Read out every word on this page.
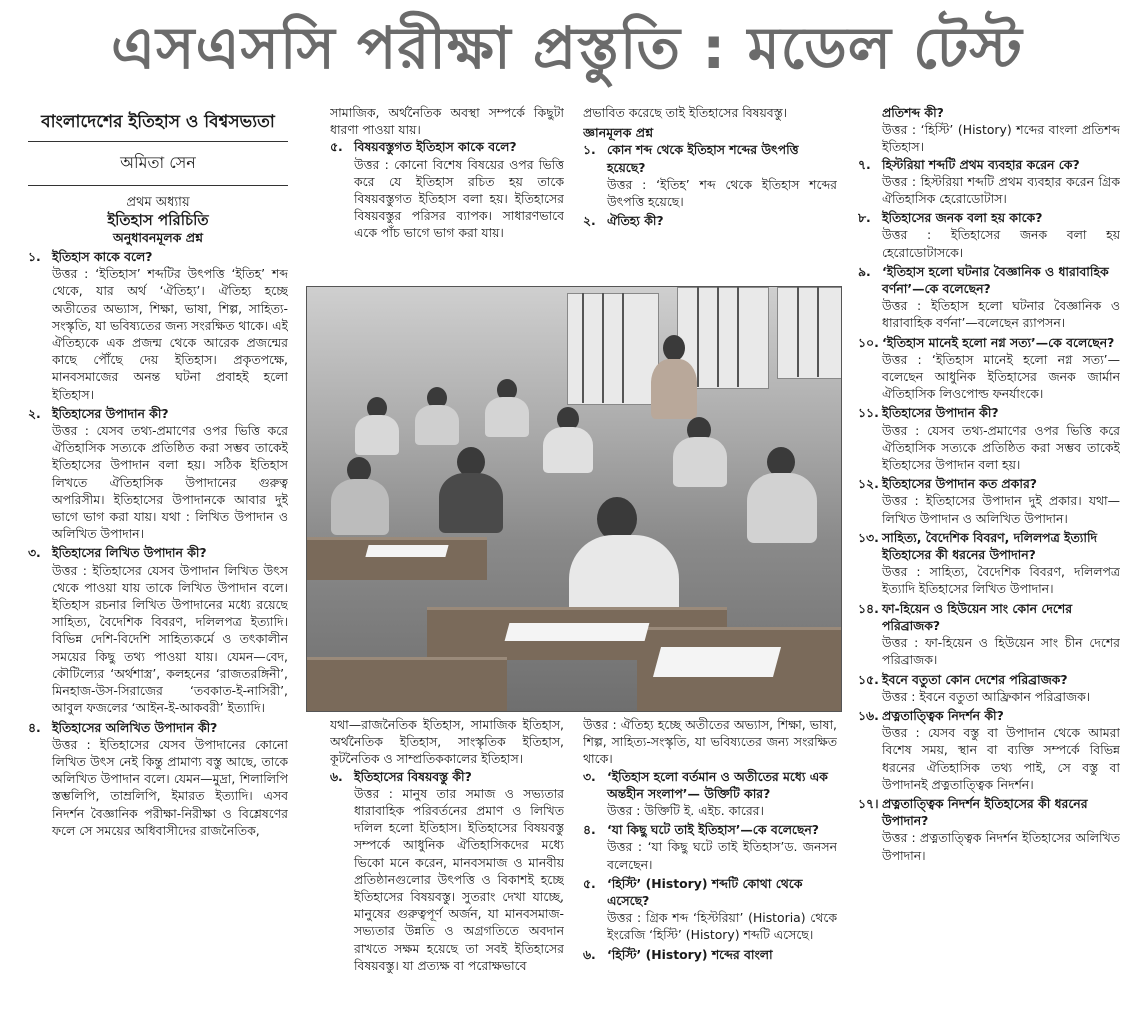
এসএসসি পরীক্ষা প্রস্তুতি : মডেল টেস্ট
বাংলাদেশের ইতিহাস ও বিশ্বসভ্যতা
অমিতা সেন
প্রথম অধ্যায়
ইতিহাস পরিচিতি
অনুধাবনমূলক প্রশ্ন
১. ইতিহাস কাকে বলে?
উত্তর : ‘ইতিহাস’ শব্দটির উৎপত্তি ‘ইতিহ’ শব্দ থেকে, যার অর্থ ‘ঐতিহ্য’। ঐতিহ্য হচ্ছে অতীতের অভ্যাস, শিক্ষা, ভাষা, শিল্প, সাহিত্য-সংস্কৃতি, যা ভবিষ্যতের জন্য সংরক্ষিত থাকে। এই ঐতিহ্যকে এক প্রজন্ম থেকে আরেক প্রজন্মের কাছে পৌঁছে দেয় ইতিহাস। প্রকৃতপক্ষে, মানবসমাজের অনন্ত ঘটনা প্রবাহই হলো ইতিহাস।
২. ইতিহাসের উপাদান কী?
উত্তর : যেসব তথ্য-প্রমাণের ওপর ভিত্তি করে ঐতিহাসিক সত্যকে প্রতিষ্ঠিত করা সম্ভব তাকেই ইতিহাসের উপাদান বলা হয়। সঠিক ইতিহাস লিখতে ঐতিহাসিক উপাদানের গুরুত্ব অপরিসীম। ইতিহাসের উপাদানকে আবার দুই ভাগে ভাগ করা যায়। যথা : লিখিত উপাদান ও অলিখিত উপাদান।
৩. ইতিহাসের লিখিত উপাদান কী?
উত্তর : ইতিহাসের যেসব উপাদান লিখিত উৎস থেকে পাওয়া যায় তাকে লিখিত উপাদান বলে। ইতিহাস রচনার লিখিত উপাদানের মধ্যে রয়েছে সাহিত্য, বৈদেশিক বিবরণ, দলিলপত্র ইত্যাদি। বিভিন্ন দেশি-বিদেশি সাহিত্যকর্মে ও তৎকালীন সময়ের কিছু তথ্য পাওয়া যায়। যেমন—বেদ, কৌটিল্যের ‘অর্থশাস্ত্র’, কলহনের ‘রাজতরঙ্গিনী’, মিনহাজ-উস-সিরাজের ‘তবকাত-ই-নাসিরী’, আবুল ফজলের ‘আইন-ই-আকবরী’ ইত্যাদি।
৪. ইতিহাসের অলিখিত উপাদান কী?
উত্তর : ইতিহাসের যেসব উপাদানের কোনো লিখিত উৎস নেই কিন্তু প্রামাণ্য বস্তু আছে, তাকে অলিখিত উপাদান বলে। যেমন—মুদ্রা, শিলালিপি স্তম্ভলিপি, তাম্রলিপি, ইমারত ইত্যাদি। এসব নিদর্শন বৈজ্ঞানিক পরীক্ষা-নিরীক্ষা ও বিশ্লেষণের ফলে সে সময়ের অধিবাসীদের রাজনৈতিক,
সামাজিক, অর্থনৈতিক অবস্থা সম্পর্কে কিছুটা ধারণা পাওয়া যায়।
৫. বিষয়বস্তুগত ইতিহাস কাকে বলে?
উত্তর : কোনো বিশেষ বিষয়ের ওপর ভিত্তি করে যে ইতিহাস রচিত হয় তাকে বিষয়বস্তুগত ইতিহাস বলা হয়। ইতিহাসের বিষয়বস্তুর পরিসর ব্যাপক। সাধারণভাবে একে পাঁচ ভাগে ভাগ করা যায়।
প্রভাবিত করেছে তাই ইতিহাসের বিষয়বস্তু।
জ্ঞানমূলক প্রশ্ন
১. কোন শব্দ থেকে ইতিহাস শব্দের উৎপত্তি হয়েছে?
উত্তর : ‘ইতিহ’ শব্দ থেকে ইতিহাস শব্দের উৎপত্তি হয়েছে।
২. ঐতিহ্য কী?
যথা—রাজনৈতিক ইতিহাস, সামাজিক ইতিহাস, অর্থনৈতিক ইতিহাস, সাংস্কৃতিক ইতিহাস, কূটনৈতিক ও সাম্প্রতিককালের ইতিহাস।
৬. ইতিহাসের বিষয়বস্তু কী?
উত্তর : মানুষ তার সমাজ ও সভ্যতার ধারাবাহিক পরিবর্তনের প্রমাণ ও লিখিত দলিল হলো ইতিহাস। ইতিহাসের বিষয়বস্তু সম্পর্কে আধুনিক ঐতিহাসিকদের মধ্যে ভিকো মনে করেন, মানবসমাজ ও মানবীয় প্রতিষ্ঠানগুলোর উৎপত্তি ও বিকাশই হচ্ছে ইতিহাসের বিষয়বস্তু। সুতরাং দেখা যাচ্ছে, মানুষের গুরুত্বপূর্ণ অর্জন, যা মানবসমাজ-সভ্যতার উন্নতি ও অগ্রগতিতে অবদান রাখতে সক্ষম হয়েছে তা সবই ইতিহাসের বিষয়বস্তু। যা প্রত্যক্ষ বা পরোক্ষভাবে
উত্তর : ঐতিহ্য হচ্ছে অতীতের অভ্যাস, শিক্ষা, ভাষা, শিল্প, সাহিত্য-সংস্কৃতি, যা ভবিষ্যতের জন্য সংরক্ষিত থাকে।
৩. ‘ইতিহাস হলো বর্তমান ও অতীতের মধ্যে এক অন্তহীন সংলাপ’— উক্তিটি কার?
উত্তর : উক্তিটি ই. এইচ. কারের।
৪. ‘যা কিছু ঘটে তাই ইতিহাস’—কে বলেছেন?
উত্তর : ‘যা কিছু ঘটে তাই ইতিহাস’ড. জনসন বলেছেন।
৫. ‘হিস্টি’ (History) শব্দটি কোথা থেকে এসেছে?
উত্তর : গ্রিক শব্দ ‘হিস্টরিয়া’ (Historia) থেকে ইংরেজি ‘হিস্টি’ (History) শব্দটি এসেছে।
৬. ‘হিস্টি’ (History) শব্দের বাংলা
প্রতিশব্দ কী?
উত্তর : ‘হিস্টি’ (History) শব্দের বাংলা প্রতিশব্দ ইতিহাস।
৭. হিস্টরিয়া শব্দটি প্রথম ব্যবহার করেন কে?
উত্তর : হিস্টরিয়া শব্দটি প্রথম ব্যবহার করেন গ্রিক ঐতিহাসিক হেরোডোটাস।
৮. ইতিহাসের জনক বলা হয় কাকে?
উত্তর : ইতিহাসের জনক বলা হয় হেরোডোটাসকে।
৯. ‘ইতিহাস হলো ঘটনার বৈজ্ঞানিক ও ধারাবাহিক বর্ণনা’—কে বলেছেন?
উত্তর : ইতিহাস হলো ঘটনার বৈজ্ঞানিক ও ধারাবাহিক বর্ণনা’—বলেছেন র‌্যাপসন।
১০. ‘ইতিহাস মানেই হলো নগ্ন সত্য’—কে বলেছেন?
উত্তর : ‘ইতিহাস মানেই হলো নগ্ন সত্য’—বলেছেন আধুনিক ইতিহাসের জনক জার্মান ঐতিহাসিক লিওপোল্ড ফনর্যাংকে।
১১. ইতিহাসের উপাদান কী?
উত্তর : যেসব তথ্য-প্রমাণের ওপর ভিত্তি করে ঐতিহাসিক সত্যকে প্রতিষ্ঠিত করা সম্ভব তাকেই ইতিহাসের উপাদান বলা হয়।
১২. ইতিহাসের উপাদান কত প্রকার?
উত্তর : ইতিহাসের উপাদান দুই প্রকার। যথা—লিখিত উপাদান ও অলিখিত উপাদান।
১৩. সাহিত্য, বৈদেশিক বিবরণ, দলিলপত্র ইত্যাদি ইতিহাসের কী ধরনের উপাদান?
উত্তর : সাহিত্য, বৈদেশিক বিবরণ, দলিলপত্র ইত্যাদি ইতিহাসের লিখিত উপাদান।
১৪. ফা-হিয়েন ও হিউয়েন সাং কোন দেশের পরিব্রাজক?
উত্তর : ফা-হিয়েন ও হিউয়েন সাং চীন দেশের পরিব্রাজক।
১৫. ইবনে বতুতা কোন দেশের পরিব্রাজক?
উত্তর : ইবনে বতুতা আফ্রিকান পরিব্রাজক।
১৬. প্রত্নতাত্ত্বিক নিদর্শন কী?
উত্তর : যেসব বস্তু বা উপাদান থেকে আমরা বিশেষ সময়, স্থান বা ব্যক্তি সম্পর্কে বিভিন্ন ধরনের ঐতিহাসিক তথ্য পাই, সে বস্তু বা উপাদানই প্রত্নতাত্ত্বিক নিদর্শন।
১৭। প্রত্নতাত্ত্বিক নিদর্শন ইতিহাসের কী ধরনের উপাদান?
উত্তর : প্রত্নতাত্ত্বিক নিদর্শন ইতিহাসের অলিখিত উপাদান।
